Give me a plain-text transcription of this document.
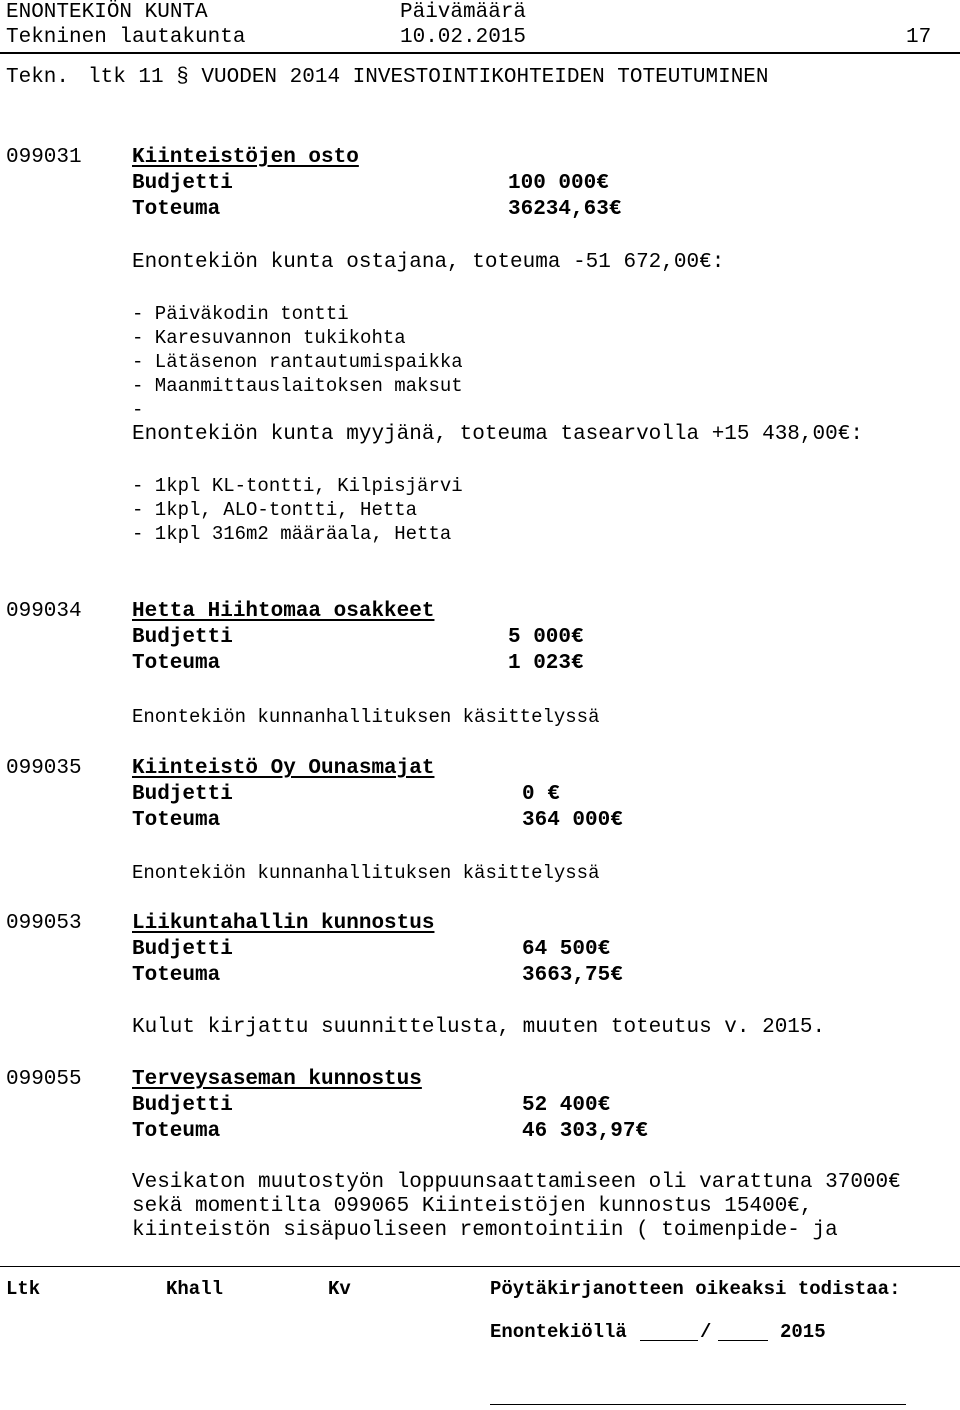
ENONTEKIÖN KUNTA	Päivämäärä
Tekninen lautakunta	10.02.2015	17
Tekn. ltk 11 § VUODEN 2014 INVESTOINTIKOHTEIDEN TOTEUTUMINEN
099031 Kiinteistöjen osto
Budjetti	100 000€
Toteuma	36234,63€
Enontekiön kunta ostajana, toteuma -51 672,00€:
- Päiväkodin tontti
- Karesuvannon tukikohta
- Lätäsenon rantautumispaikka
- Maanmittauslaitoksen maksut
-
Enontekiön kunta myyjänä, toteuma tasearvolla +15 438,00€:
- 1kpl KL-tontti, Kilpisjärvi
- 1kpl, ALO-tontti, Hetta
- 1kpl 316m2 määräala, Hetta
099034 Hetta Hiihtomaa osakkeet
Budjetti	5 000€
Toteuma	1 023€
Enontekiön kunnanhallituksen käsittelyssä
099035 Kiinteistö Oy Ounasmajat
Budjetti	0 €
Toteuma	364 000€
Enontekiön kunnanhallituksen käsittelyssä
099053 Liikuntahallin kunnostus
Budjetti	64 500€
Toteuma	3663,75€
Kulut kirjattu suunnittelusta, muuten toteutus v. 2015.
099055 Terveysaseman kunnostus
Budjetti	52 400€
Toteuma	46 303,97€
Vesikaton muutostyön loppuunsaattamiseen oli varattuna 37000€
sekä momentilta 099065 Kiinteistöjen kunnostus 15400€,
kiinteistön sisäpuoliseen remontointiin ( toimenpide- ja
Ltk	Khall	Kv	Pöytäkirjanotteen oikeaksi todistaa:
Enontekiöllä	/	2015
